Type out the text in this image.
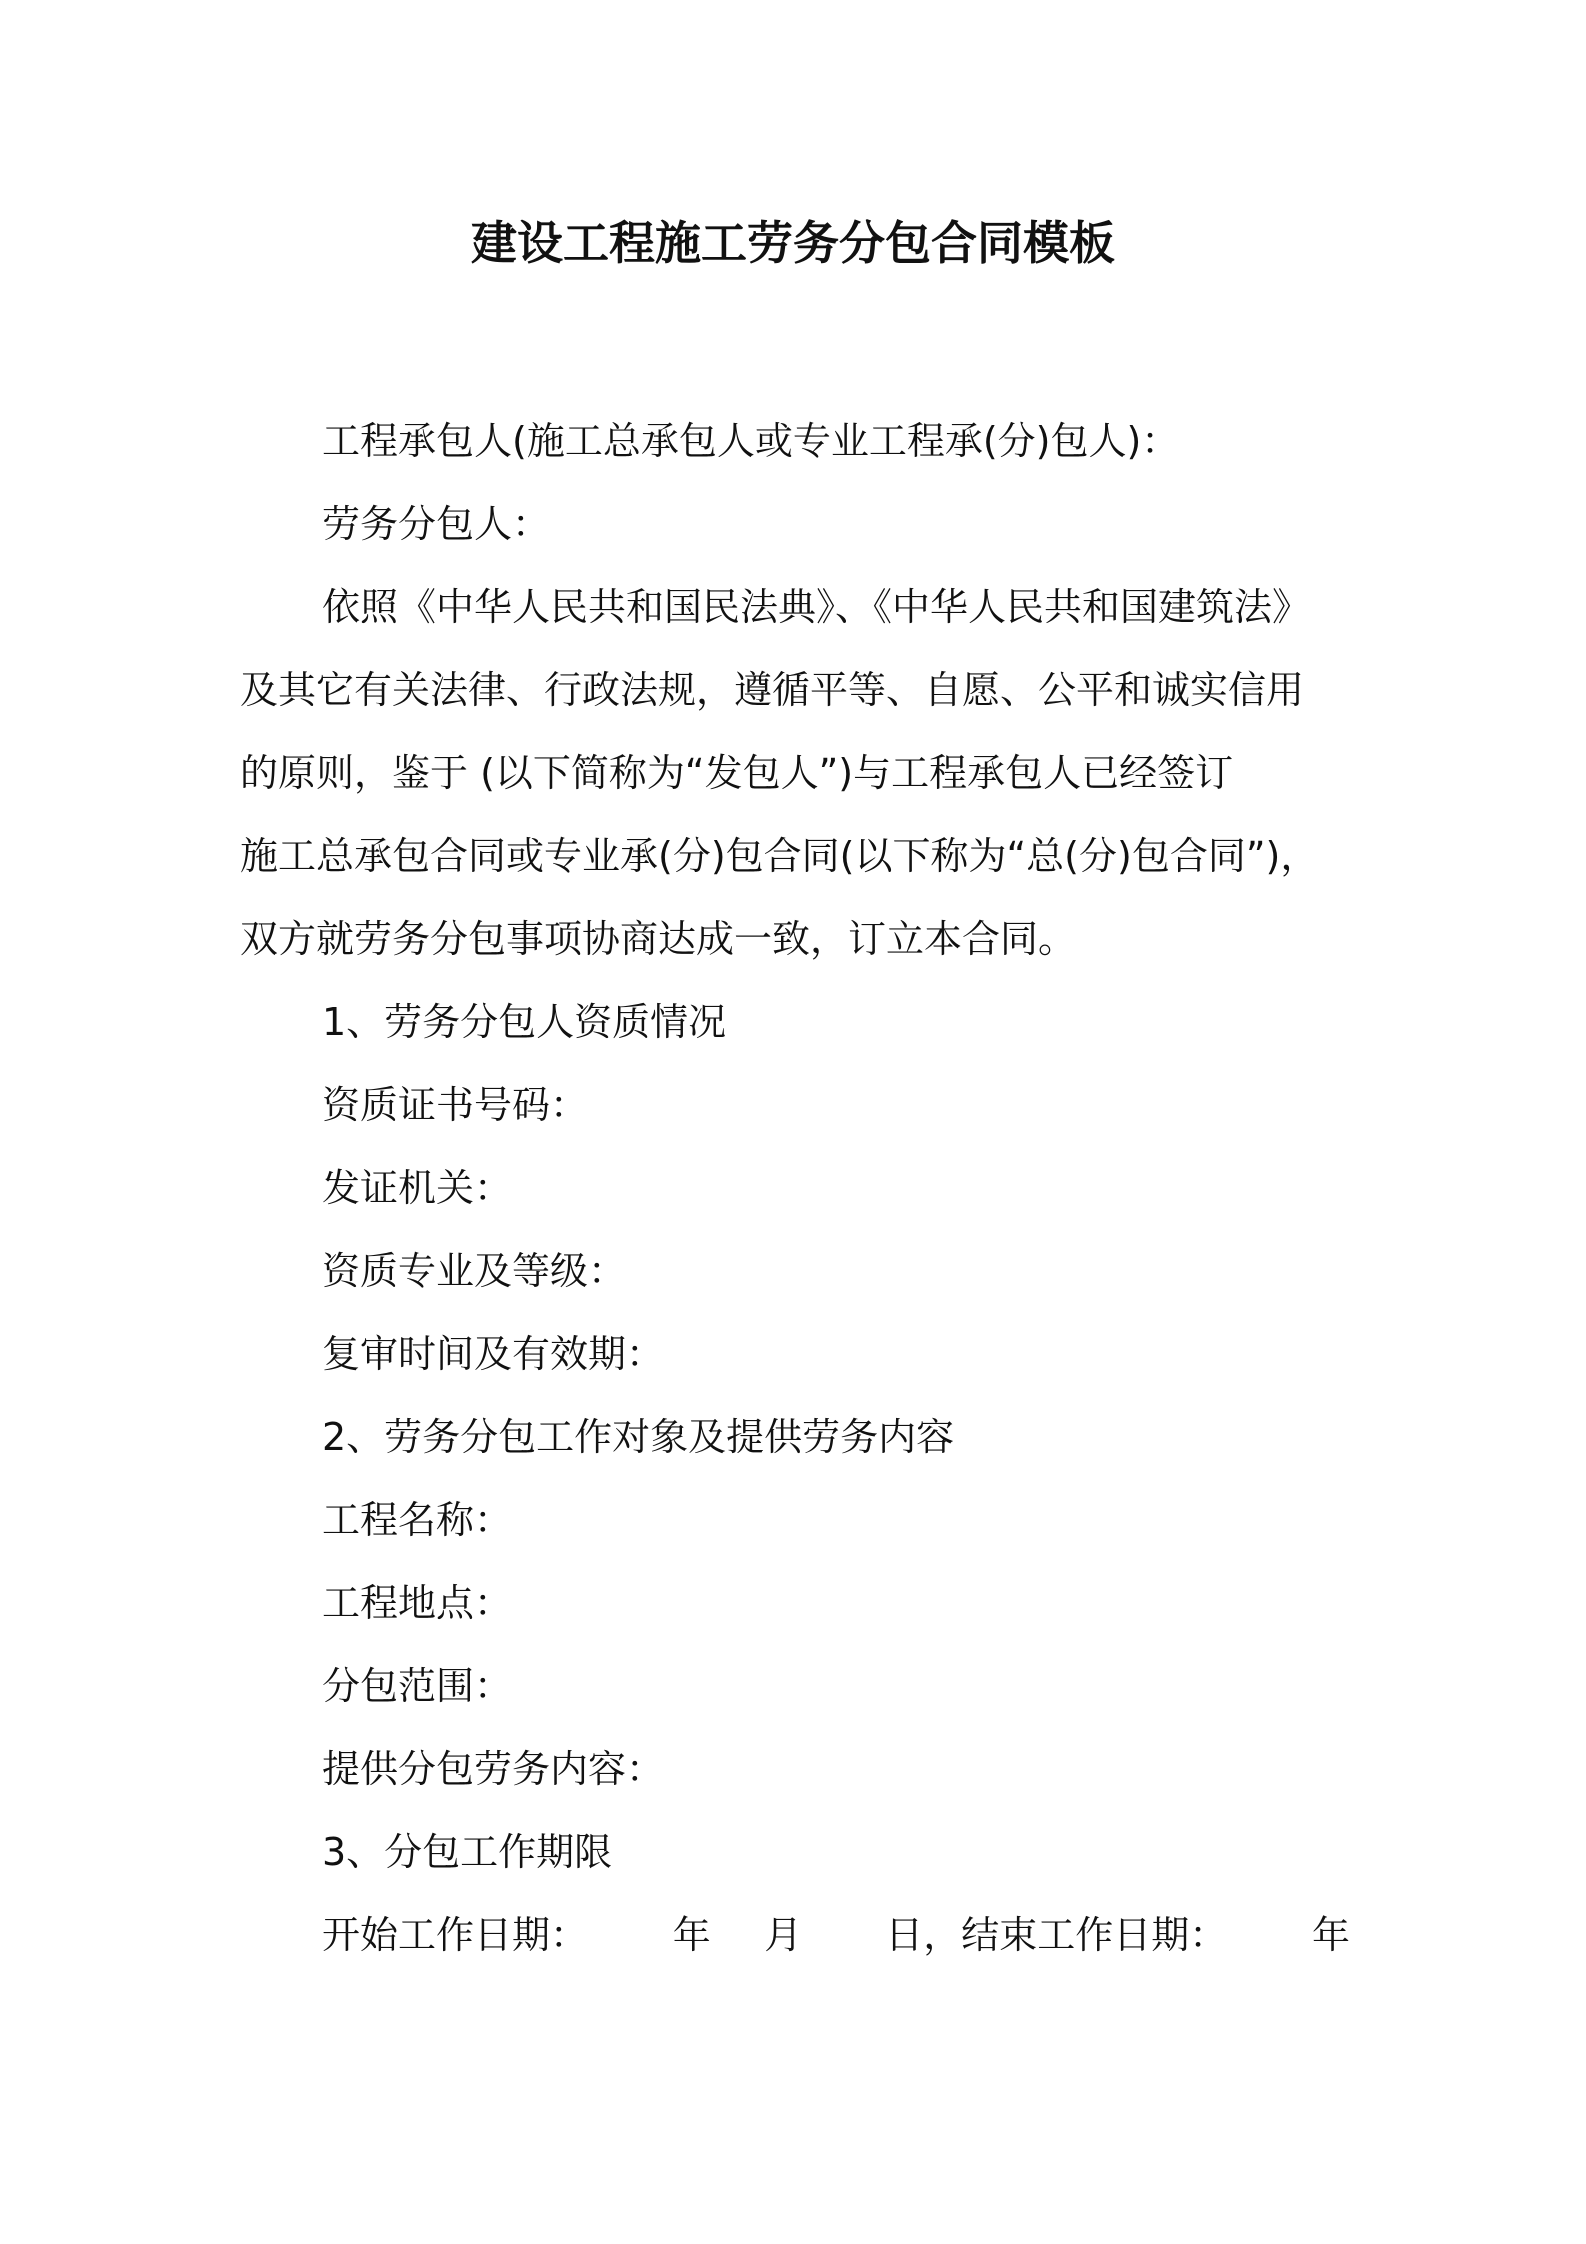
建设工程施工劳务分包合同模板

工程承包人(施工总承包人或专业工程承(分)包人)：

劳务分包人：

依照《中华人民共和国民法典》、《中华人民共和国建筑法》

及其它有关法律、行政法规，遵循平等、自愿、公平和诚实信用

的原则，鉴于 (以下简称为“发包人”)与工程承包人已经签订

施工总承包合同或专业承(分)包合同(以下称为“总(分)包合同”)，

双方就劳务分包事项协商达成一致，订立本合同。

1、劳务分包人资质情况

资质证书号码：

发证机关：

资质专业及等级：

复审时间及有效期：

2、劳务分包工作对象及提供劳务内容

工程名称：

工程地点：

分包范围：

提供分包劳务内容：

3、分包工作期限

开始工作日期： 年 月 日，结束工作日期： 年
